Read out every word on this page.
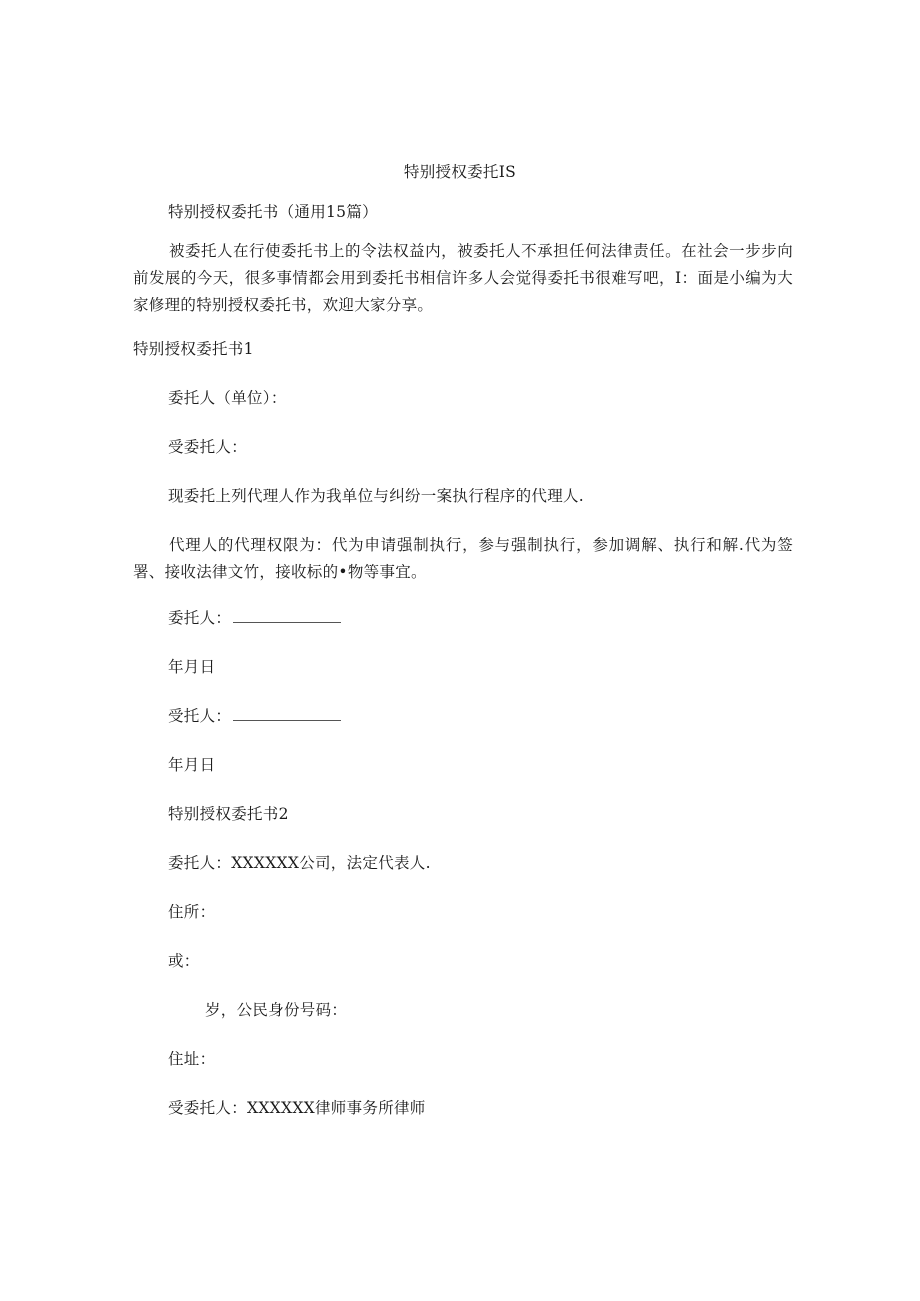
特别授权委托IS
特别授权委托书（通用15篇）
被委托人在行使委托书上的令法权益内，被委托人不承担任何法律责任。在社会一步步向前发展的今天，很多事情都会用到委托书相信许多人会觉得委托书很难写吧，I：面是小编为大家修理的特别授权委托书，欢迎大家分享。
特别授权委托书1
委托人（单位）：
受委托人：
现委托上列代理人作为我单位与纠纷一案执行程序的代理人.
代理人的代理权限为：代为申请强制执行，参与强制执行，参加调解、执行和解.代为签署、接收法律文竹，接收标的•物等事宜。
委托人：
年月日
受托人：
年月日
特别授权委托书2
委托人：XXXXXX公司，法定代表人.
住所：
或：
岁，公民身份号码：
住址：
受委托人：XXXXXX律师事务所律师
